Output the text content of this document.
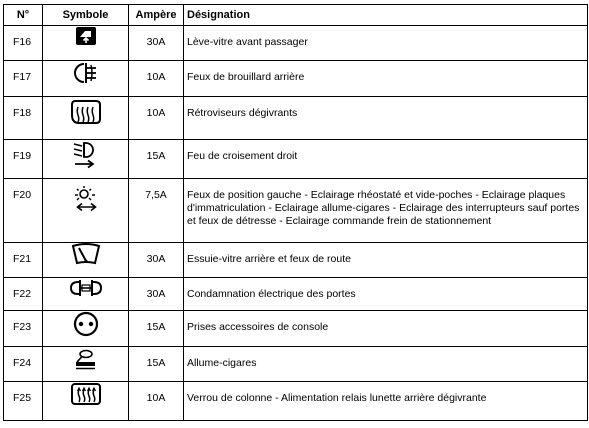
N°	Symbole	Ampère	Désignation
F16		30A	Lève-vitre avant passager
F17		10A	Feux de brouillard arrière
F18		10A	Rétroviseurs dégivrants
F19		15A	Feu de croisement droit
F20		7,5A	Feux de position gauche - Eclairage rhéostaté et vide-poches - Eclairage plaques d'immatriculation - Eclairage allume-cigares - Eclairage des interrupteurs sauf portes et feux de détresse - Eclairage commande frein de stationnement
F21		30A	Essuie-vitre arrière et feux de route
F22		30A	Condamnation électrique des portes
F23		15A	Prises accessoires de console
F24		15A	Allume-cigares
F25		10A	Verrou de colonne - Alimentation relais lunette arrière dégivrante
